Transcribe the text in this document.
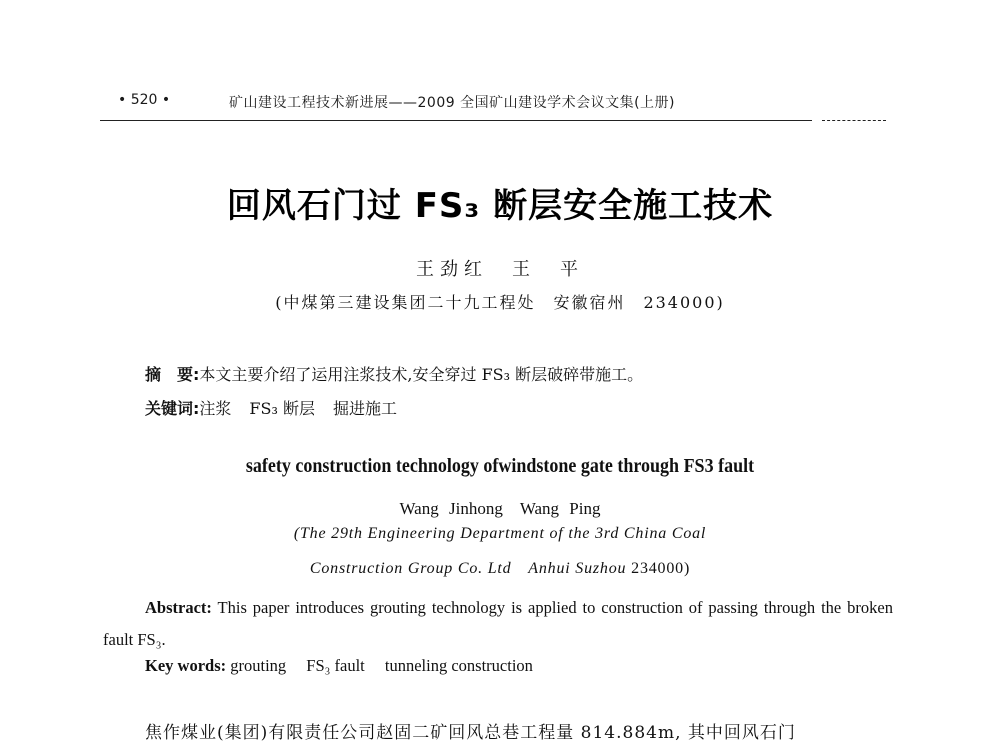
• 520 •	矿山建设工程技术新进展——2009 全国矿山建设学术会议文集(上册)
回风石门过 FS₃ 断层安全施工技术
王劲红　王　平
(中煤第三建设集团二十九工程处　安徽宿州　234000)
摘　要:本文主要介绍了运用注浆技术,安全穿过 FS₃ 断层破碎带施工。
关键词:注浆 FS₃ 断层 掘进施工
safety construction technology ofwindstone gate through FS3 fault
Wang Jinhong　Wang Ping
(The 29th Engineering Department of the 3rd China Coal
Construction Group Co. Ltd　Anhui Suzhou 234000)
Abstract: This paper introduces grouting technology is applied to construction of passing through the broken fault FS₃.
Key words: grouting FS₃ fault tunneling construction
焦作煤业(集团)有限责任公司赵固二矿回风总巷工程量 814.884m, 其中回风石门
